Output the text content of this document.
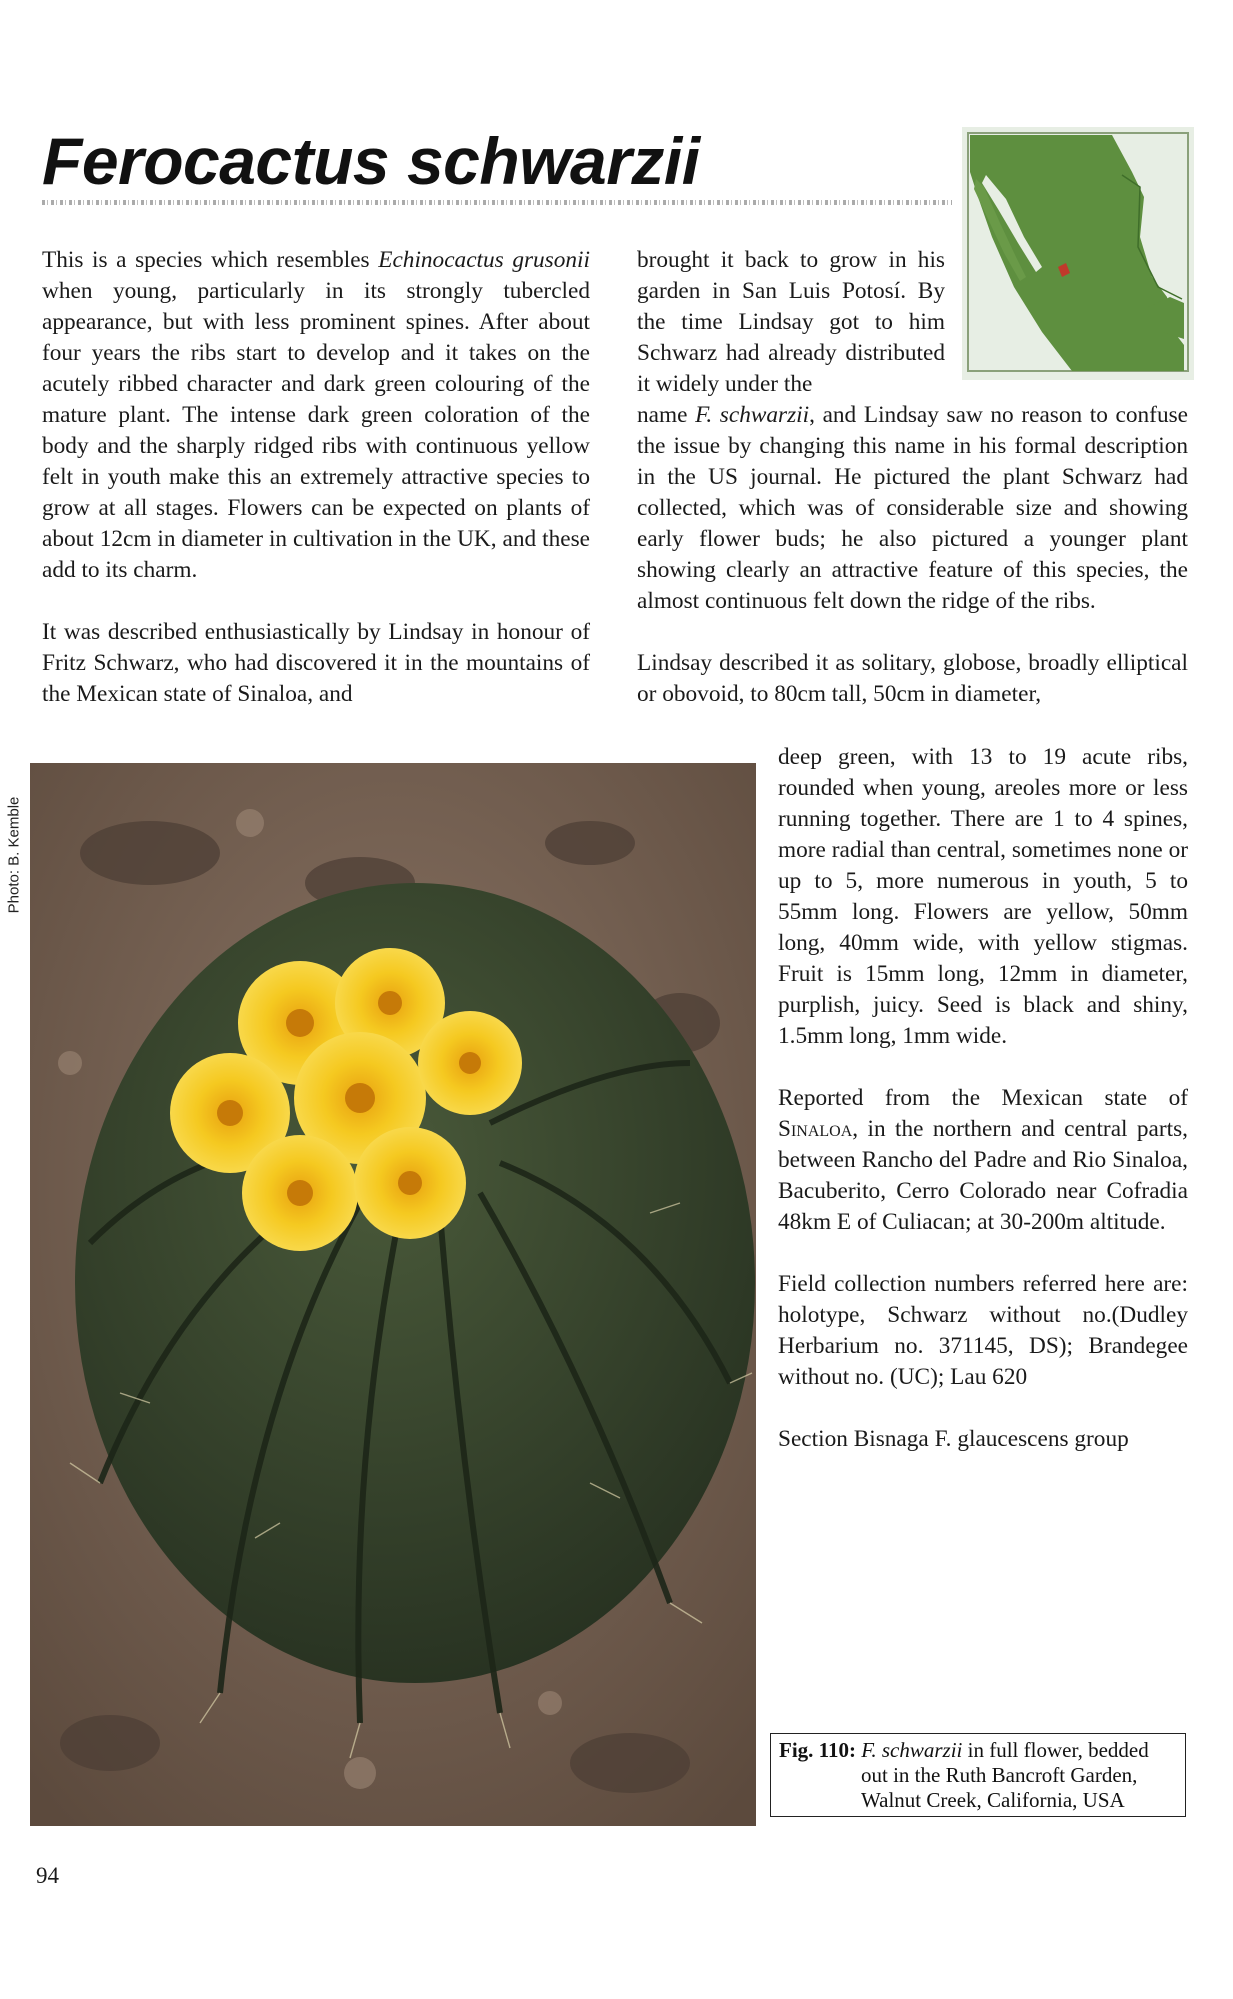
Ferocactus schwarzii

This is a species which resembles Echinocactus grusonii when young, particularly in its strongly tubercled appearance, but with less prominent spines. After about four years the ribs start to develop and it takes on the acutely ribbed character and dark green colouring of the mature plant. The intense dark green coloration of the body and the sharply ridged ribs with continuous yellow felt in youth make this an extremely attractive species to grow at all stages. Flowers can be expected on plants of about 12cm in diameter in cultivation in the UK, and these add to its charm.

It was described enthusiastically by Lindsay in honour of Fritz Schwarz, who had discovered it in the mountains of the Mexican state of Sinaloa, and

brought it back to grow in his garden in San Luis Potosí. By the time Lindsay got to him Schwarz had already distributed it widely under the

name F. schwarzii, and Lindsay saw no reason to confuse the issue by changing this name in his formal description in the US journal. He pictured the plant Schwarz had collected, which was of considerable size and showing early flower buds; he also pictured a younger plant showing clearly an attractive feature of this species, the almost continuous felt down the ridge of the ribs.

Lindsay described it as solitary, globose, broadly elliptical or obovoid, to 80cm tall, 50cm in diameter,

deep green, with 13 to 19 acute ribs, rounded when young, areoles more or less running together. There are 1 to 4 spines, more radial than central, sometimes none or up to 5, more numerous in youth, 5 to 55mm long. Flowers are yellow, 50mm long, 40mm wide, with yellow stigmas. Fruit is 15mm long, 12mm in diameter, purplish, juicy. Seed is black and shiny, 1.5mm long, 1mm wide.

Reported from the Mexican state of Sinaloa, in the northern and central parts, between Rancho del Padre and Rio Sinaloa, Bacuberito, Cerro Colorado near Cofradia 48km E of Culiacan; at 30-200m altitude.

Field collection numbers referred here are: holotype, Schwarz without no.(Dudley Herbarium no. 371145, DS); Brandegee without no. (UC); Lau 620

Section Bisnaga F. glaucescens group

Photo: B. Kemble
Fig. 110: F. schwarzii in full flower, bedded
out in the Ruth Bancroft Garden,
Walnut Creek, California, USA
94
